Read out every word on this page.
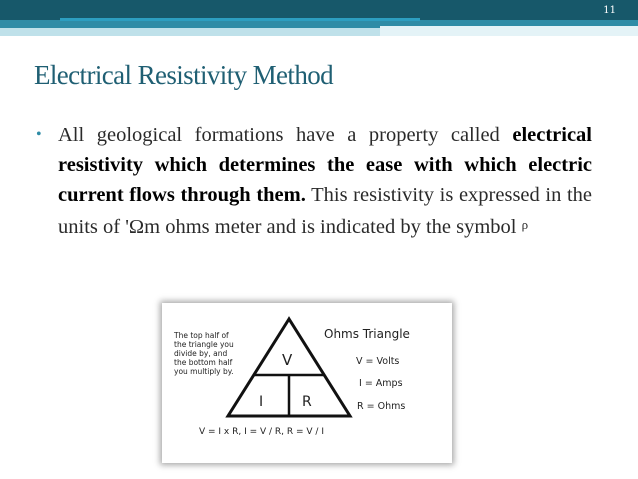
11
Electrical Resistivity Method
• All geological formations have a property called electrical resistivity which determines the ease with which electric current flows through them. This resistivity is expressed in the units of 'Ωm ohms meter and is indicated by the symbol ρ
V
I	R
The top half of
the triangle you
divide by, and
the bottom half
you multiply by.
Ohms Triangle
V = Volts
I = Amps
R = Ohms
V = I x R, I = V / R, R = V / I
